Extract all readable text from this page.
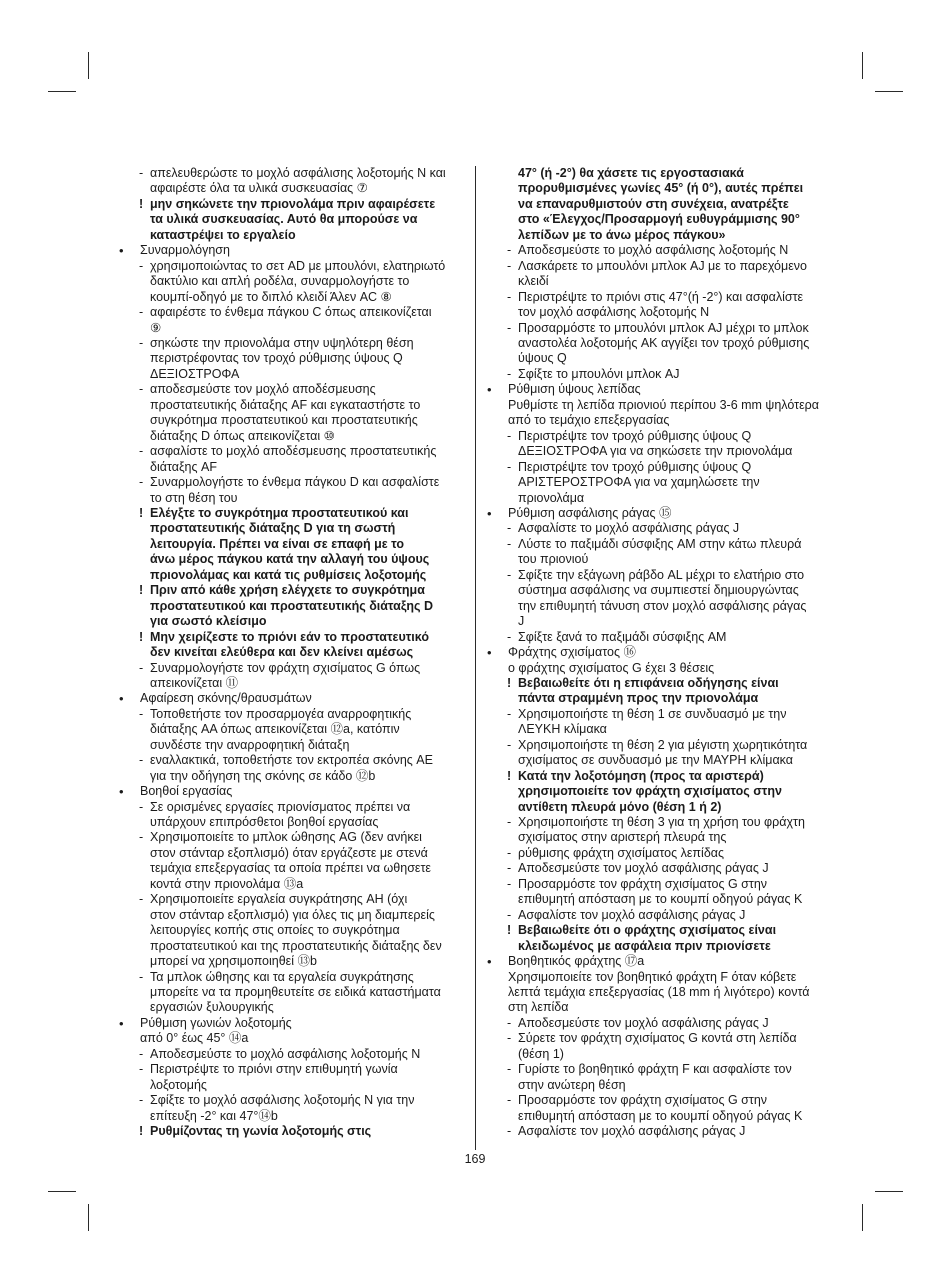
- απελευθερώστε το μοχλό ασφάλισης λοξοτομής N και
αφαιρέστε όλα τα υλικά συσκευασίας ⑦
! μην σηκώνετε την πριονολάμα πριν αφαιρέσετε
τα υλικά συσκευασίας. Αυτό θα μπορούσε να
καταστρέψει το εργαλείο
•	Συναρμολόγηση
- χρησιμοποιώντας το σετ AD με μπουλόνι, ελατηριωτό
δακτύλιο και απλή ροδέλα, συναρμολογήστε το
κουμπί-οδηγό με το διπλό κλειδί Άλεν AC ⑧
- αφαιρέστε το ένθεμα πάγκου C όπως απεικονίζεται
⑨
- σηκώστε την πριονολάμα στην υψηλότερη θέση
περιστρέφοντας τον τροχό ρύθμισης ύψους Q
ΔΕΞΙΟΣΤΡΟΦΑ
- αποδεσμεύστε τον μοχλό αποδέσμευσης
προστατευτικής διάταξης AF και εγκαταστήστε το
συγκρότημα προστατευτικού και προστατευτικής
διάταξης D όπως απεικονίζεται ⑩
- ασφαλίστε το μοχλό αποδέσμευσης προστατευτικής
διάταξης AF
- Συναρμολογήστε το ένθεμα πάγκου D και ασφαλίστε
το στη θέση του
! Ελέγξτε το συγκρότημα προστατευτικού και
προστατευτικής διάταξης D για τη σωστή
λειτουργία. Πρέπει να είναι σε επαφή με το
άνω μέρος πάγκου κατά την αλλαγή του ύψους
πριονολάμας και κατά τις ρυθμίσεις λοξοτομής
! Πριν από κάθε χρήση ελέγχετε το συγκρότημα
προστατευτικού και προστατευτικής διάταξης D
για σωστό κλείσιμο
! Μην χειρίζεστε το πριόνι εάν το προστατευτικό
δεν κινείται ελεύθερα και δεν κλείνει αμέσως
- Συναρμολογήστε τον φράχτη σχισίματος G όπως
απεικονίζεται ⑪
•	Αφαίρεση σκόνης/θραυσμάτων
- Τοποθετήστε τον προσαρμογέα αναρροφητικής
διάταξης AA όπως απεικονίζεται ⑫a, κατόπιν
συνδέστε την αναρροφητική διάταξη
- εναλλακτικά, τοποθετήστε τον εκτροπέα σκόνης AE
για την οδήγηση της σκόνης σε κάδο ⑫b
•	Βοηθοί εργασίας
- Σε ορισμένες εργασίες πριονίσματος πρέπει να
υπάρχουν επιπρόσθετοι βοηθοί εργασίας
- Χρησιμοποιείτε το μπλοκ ώθησης AG (δεν ανήκει
στον στάνταρ εξοπλισμό) όταν εργάζεστε με στενά
τεμάχια επεξεργασίας τα οποία πρέπει να ωθησετε
κοντά στην πριονολάμα ⑬a
- Χρησιμοποιείτε εργαλεία συγκράτησης AH (όχι
στον στάνταρ εξοπλισμό) για όλες τις μη διαμπερείς
λειτουργίες κοπής στις οποίες το συγκρότημα
προστατευτικού και της προστατευτικής διάταξης δεν
μπορεί να χρησιμοποιηθεί ⑬b
- Τα μπλοκ ώθησης και τα εργαλεία συγκράτησης
μπορείτε να τα προμηθευτείτε σε ειδικά καταστήματα
εργασιών ξυλουργικής
•	Ρύθμιση γωνιών λοξοτομής
από 0° έως 45° ⑭a
- Αποδεσμεύστε το μοχλό ασφάλισης λοξοτομής N
- Περιστρέψτε το πριόνι στην επιθυμητή γωνία
λοξοτομής
- Σφίξτε το μοχλό ασφάλισης λοξοτομής N για την
επίτευξη -2° και 47°⑭b
! Ρυθμίζοντας τη γωνία λοξοτομής στις
47° (ή -2°) θα χάσετε τις εργοστασιακά
προρυθμισμένες γωνίες 45° (ή 0°), αυτές πρέπει
να επαναρυθμιστούν στη συνέχεια, ανατρέξτε
στο «Έλεγχος/Προσαρμογή ευθυγράμμισης 90°
λεπίδων με το άνω μέρος πάγκου»
- Αποδεσμεύστε το μοχλό ασφάλισης λοξοτομής N
- Λασκάρετε το μπουλόνι μπλοκ AJ με το παρεχόμενο
κλειδί
- Περιστρέψτε το πριόνι στις 47°(ή -2°) και ασφαλίστε
τον μοχλό ασφάλισης λοξοτομής N
- Προσαρμόστε το μπουλόνι μπλοκ AJ μέχρι το μπλοκ
αναστολέα λοξοτομής AK αγγίξει τον τροχό ρύθμισης
ύψους Q
- Σφίξτε το μπουλόνι μπλοκ AJ
•	Ρύθμιση ύψους λεπίδας
Ρυθμίστε τη λεπίδα πριονιού περίπου 3-6 mm ψηλότερα
από το τεμάχιο επεξεργασίας
- Περιστρέψτε τον τροχό ρύθμισης ύψους Q
ΔΕΞΙΟΣΤΡΟΦΑ για να σηκώσετε την πριονολάμα
- Περιστρέψτε τον τροχό ρύθμισης ύψους Q
ΑΡΙΣΤΕΡΟΣΤΡΟΦΑ για να χαμηλώσετε την
πριονολάμα
•	Ρύθμιση ασφάλισης ράγας ⑮
- Ασφαλίστε το μοχλό ασφάλισης ράγας J
- Λύστε το παξιμάδι σύσφιξης AM στην κάτω πλευρά
του πριονιού
- Σφίξτε την εξάγωνη ράβδο AL μέχρι το ελατήριο στο
σύστημα ασφάλισης να συμπιεστεί δημιουργώντας
την επιθυμητή τάνυση στον μοχλό ασφάλισης ράγας
J
- Σφίξτε ξανά το παξιμάδι σύσφιξης AM
•	Φράχτης σχισίματος ⑯
ο φράχτης σχισίματος G έχει 3 θέσεις
! Βεβαιωθείτε ότι η επιφάνεια οδήγησης είναι
πάντα στραμμένη προς την πριονολάμα
- Χρησιμοποιήστε τη θέση 1 σε συνδυασμό με την
ΛΕΥΚΗ κλίμακα
- Χρησιμοποιήστε τη θέση 2 για μέγιστη χωρητικότητα
σχισίματος σε συνδυασμό με την ΜΑΥΡΗ κλίμακα
! Κατά την λοξοτόμηση (προς τα αριστερά)
χρησιμοποιείτε τον φράχτη σχισίματος στην
αντίθετη πλευρά μόνο (θέση 1 ή 2)
- Χρησιμοποιήστε τη θέση 3 για τη χρήση του φράχτη
σχισίματος στην αριστερή πλευρά της
- ρύθμισης φράχτη σχισίματος λεπίδας
- Αποδεσμεύστε τον μοχλό ασφάλισης ράγας J
- Προσαρμόστε τον φράχτη σχισίματος G στην
επιθυμητή απόσταση με το κουμπί οδηγού ράγας K
- Ασφαλίστε τον μοχλό ασφάλισης ράγας J
! Βεβαιωθείτε ότι ο φράχτης σχισίματος είναι
κλειδωμένος με ασφάλεια πριν πριονίσετε
•	Βοηθητικός φράχτης ⑰a
Χρησιμοποιείτε τον βοηθητικό φράχτη F όταν κόβετε
λεπτά τεμάχια επεξεργασίας (18 mm ή λιγότερο) κοντά
στη λεπίδα
- Αποδεσμεύστε τον μοχλό ασφάλισης ράγας J
- Σύρετε τον φράχτη σχισίματος G κοντά στη λεπίδα
(θέση 1)
- Γυρίστε το βοηθητικό φράχτη F και ασφαλίστε τον
στην ανώτερη θέση
- Προσαρμόστε τον φράχτη σχισίματος G στην
επιθυμητή απόσταση με το κουμπί οδηγού ράγας K
- Ασφαλίστε τον μοχλό ασφάλισης ράγας J
169
